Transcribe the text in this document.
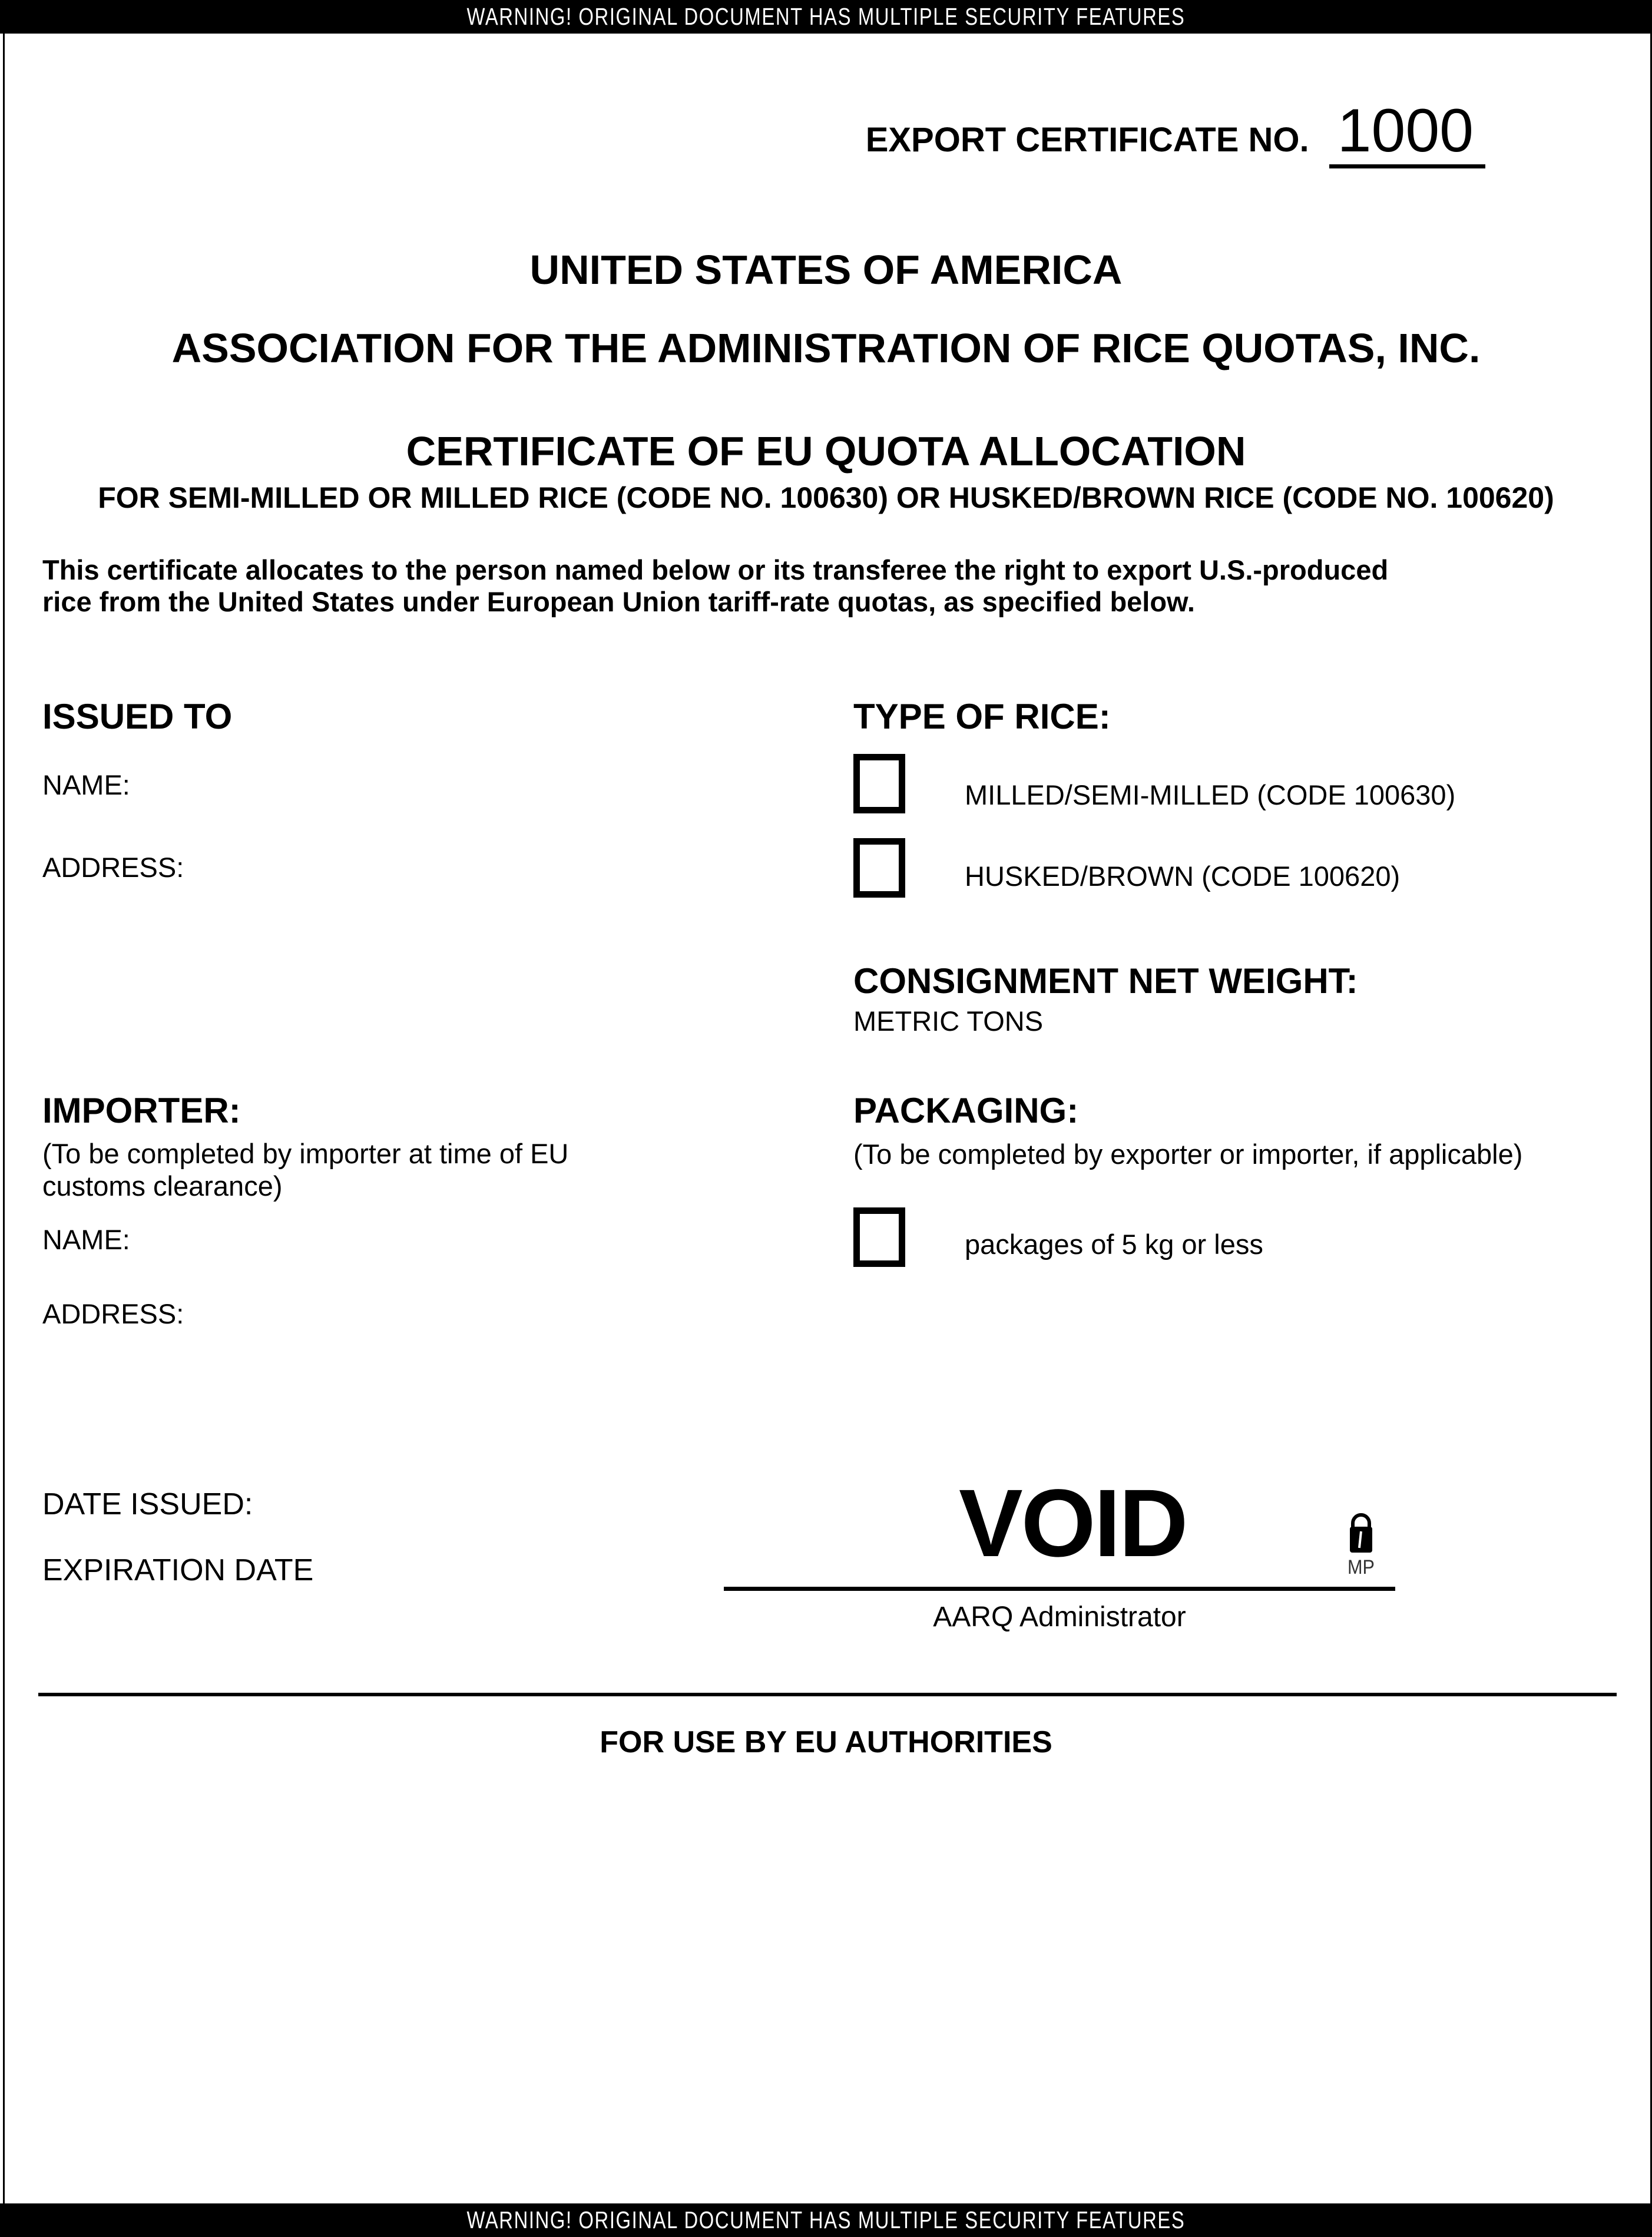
WARNING! ORIGINAL DOCUMENT HAS MULTIPLE SECURITY FEATURES
EXPORT CERTIFICATE NO. 1000
UNITED STATES OF AMERICA
ASSOCIATION FOR THE ADMINISTRATION OF RICE QUOTAS, INC.
CERTIFICATE OF EU QUOTA ALLOCATION
FOR SEMI-MILLED OR MILLED RICE (CODE NO. 100630) OR HUSKED/BROWN RICE (CODE NO. 100620)
This certificate allocates to the person named below or its transferee the right to export U.S.-produced
rice from the United States under European Union tariff-rate quotas, as specified below.
ISSUED TO
NAME:
ADDRESS:
TYPE OF RICE:
MILLED/SEMI-MILLED (CODE 100630)
HUSKED/BROWN (CODE 100620)
CONSIGNMENT NET WEIGHT:
METRIC TONS
IMPORTER:
(To be completed by importer at time of EU
customs clearance)
NAME:
ADDRESS:
PACKAGING:
(To be completed by exporter or importer, if applicable)
packages of 5 kg or less
DATE ISSUED:
EXPIRATION DATE	VOID	MP
AARQ Administrator
FOR USE BY EU AUTHORITIES
WARNING! ORIGINAL DOCUMENT HAS MULTIPLE SECURITY FEATURES
